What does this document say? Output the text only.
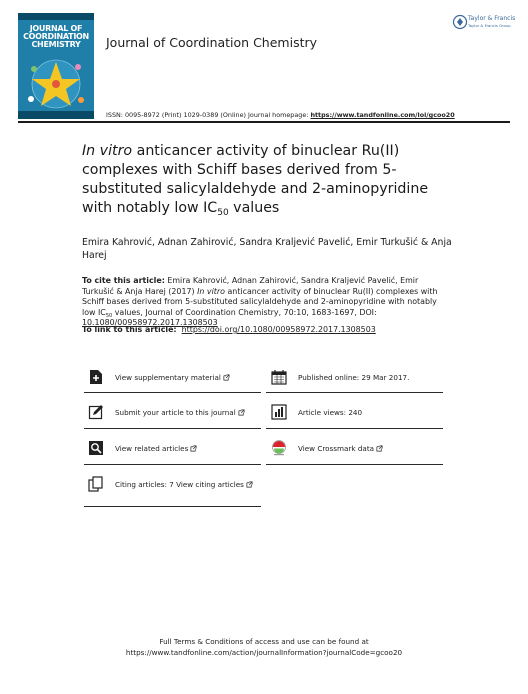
JOURNAL OF COORDINATION CHEMISTRY	Journal of Coordination Chemistry
Taylor & Francis
Taylor & Francis Group
ISSN: 0095-8972 (Print) 1029-0389 (Online) Journal homepage: https://www.tandfonline.com/loi/gcoo20
In vitro anticancer activity of binuclear Ru(II) complexes with Schiff bases derived from 5-substituted salicylaldehyde and 2-aminopyridine with notably low $IC_{50}$ values
Emira Kahrović, Adnan Zahirović, Sandra Kraljević Pavelić, Emir Turkušić & Anja Harej
To cite this article: Emira Kahrović, Adnan Zahirović, Sandra Kraljević Pavelić, Emir Turkušić & Anja Harej (2017) In vitro anticancer activity of binuclear Ru(II) complexes with Schiff bases derived from 5-substituted salicylaldehyde and 2-aminopyridine with notably low $IC_{50}$ values, Journal of Coordination Chemistry, 70:10, 1683-1697, DOI: 10.1080/00958972.2017.1308503
To link to this article: https://doi.org/10.1080/00958972.2017.1308503
View supplementary material
Submit your article to this journal
View related articles
Citing articles: 7 View citing articles
Published online: 29 Mar 2017.
Article views: 240
View Crossmark data
Full Terms & Conditions of access and use can be found at
https://www.tandfonline.com/action/journalInformation?journalCode=gcoo20
